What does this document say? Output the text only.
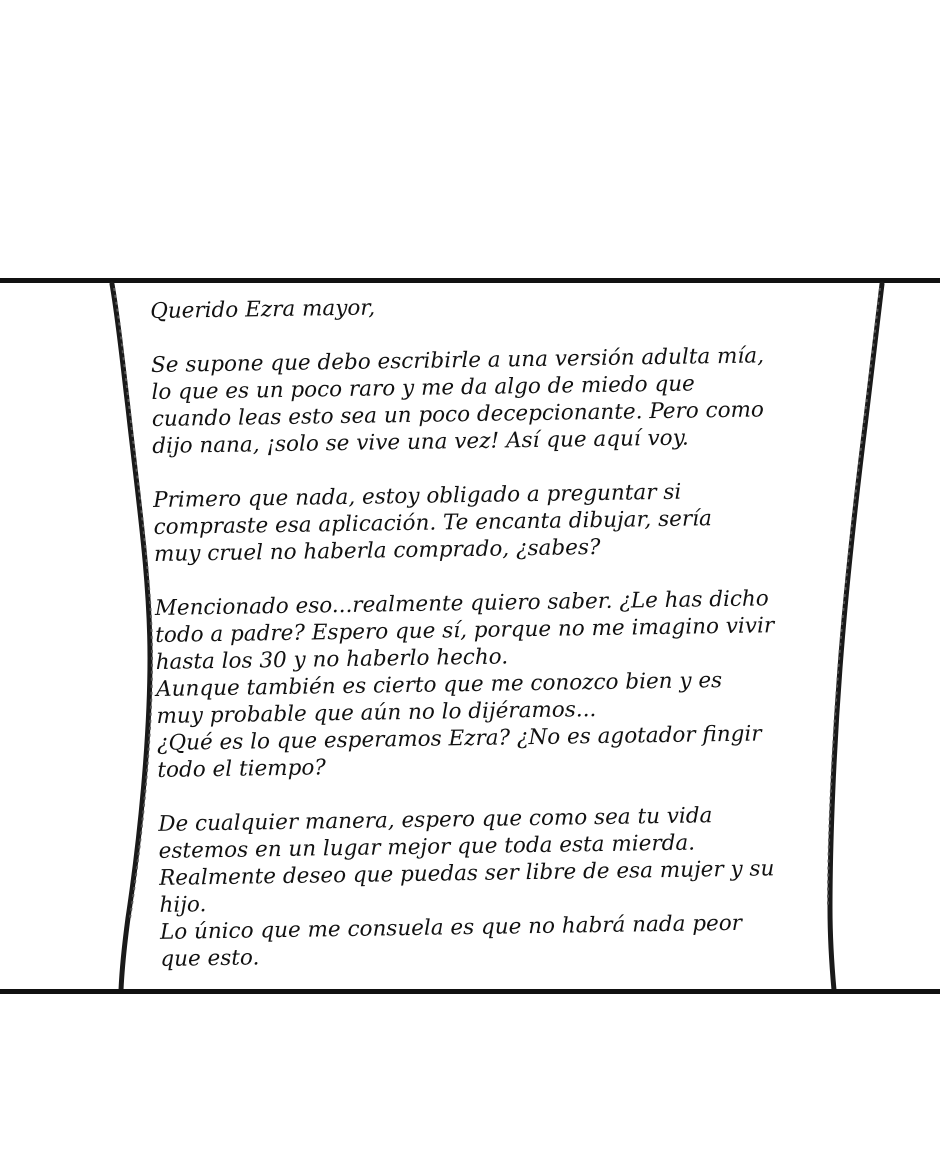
Querido Ezra mayor,
Se supone que debo escribirle a una versión adulta mía,
lo que es un poco raro y me da algo de miedo que
cuando leas esto sea un poco decepcionante. Pero como
dijo nana, ¡solo se vive una vez! Así que aquí voy.
Primero que nada, estoy obligado a preguntar si
compraste esa aplicación. Te encanta dibujar, sería
muy cruel no haberla comprado, ¿sabes?
Mencionado eso...realmente quiero saber. ¿Le has dicho
todo a padre? Espero que sí, porque no me imagino vivir
hasta los 30 y no haberlo hecho.
Aunque también es cierto que me conozco bien y es
muy probable que aún no lo dijéramos...
¿Qué es lo que esperamos Ezra? ¿No es agotador fingir
todo el tiempo?
De cualquier manera, espero que como sea tu vida
estemos en un lugar mejor que toda esta mierda.
Realmente deseo que puedas ser libre de esa mujer y su
hijo.
Lo único que me consuela es que no habrá nada peor
que esto.
